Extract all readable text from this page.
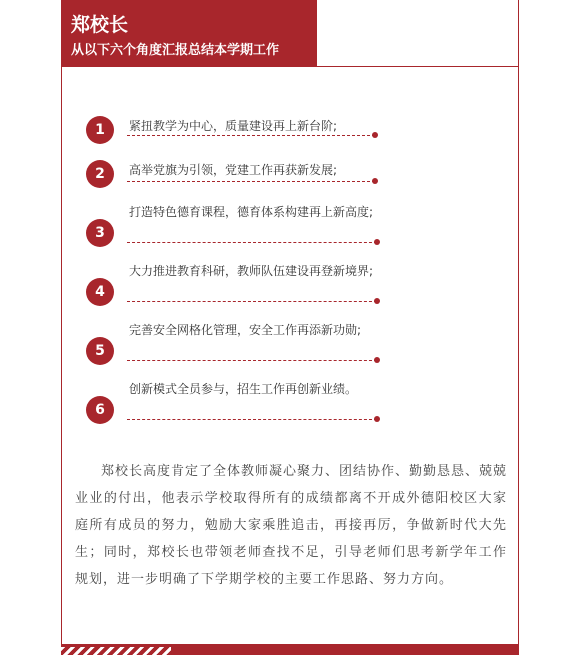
郑校长
从以下六个角度汇报总结本学期工作
1	紧扭教学为中心，质量建设再上新台阶;
2	高举党旗为引领，党建工作再获新发展;
3
打造特色德育课程，德育体系构建再上新高度;
4
大力推进教育科研，教师队伍建设再登新境界;
5
完善安全网格化管理，安全工作再添新功勋;
6
创新模式全员参与，招生工作再创新业绩。
郑校长高度肯定了全体教师凝心聚力、团结协作、勤勤恳恳、兢兢业业的付出，他表示学校取得所有的成绩都离不开成外德阳校区大家庭所有成员的努力，勉励大家乘胜追击，再接再厉，争做新时代大先生；同时，郑校长也带领老师查找不足，引导老师们思考新学年工作规划，进一步明确了下学期学校的主要工作思路、努力方向。
